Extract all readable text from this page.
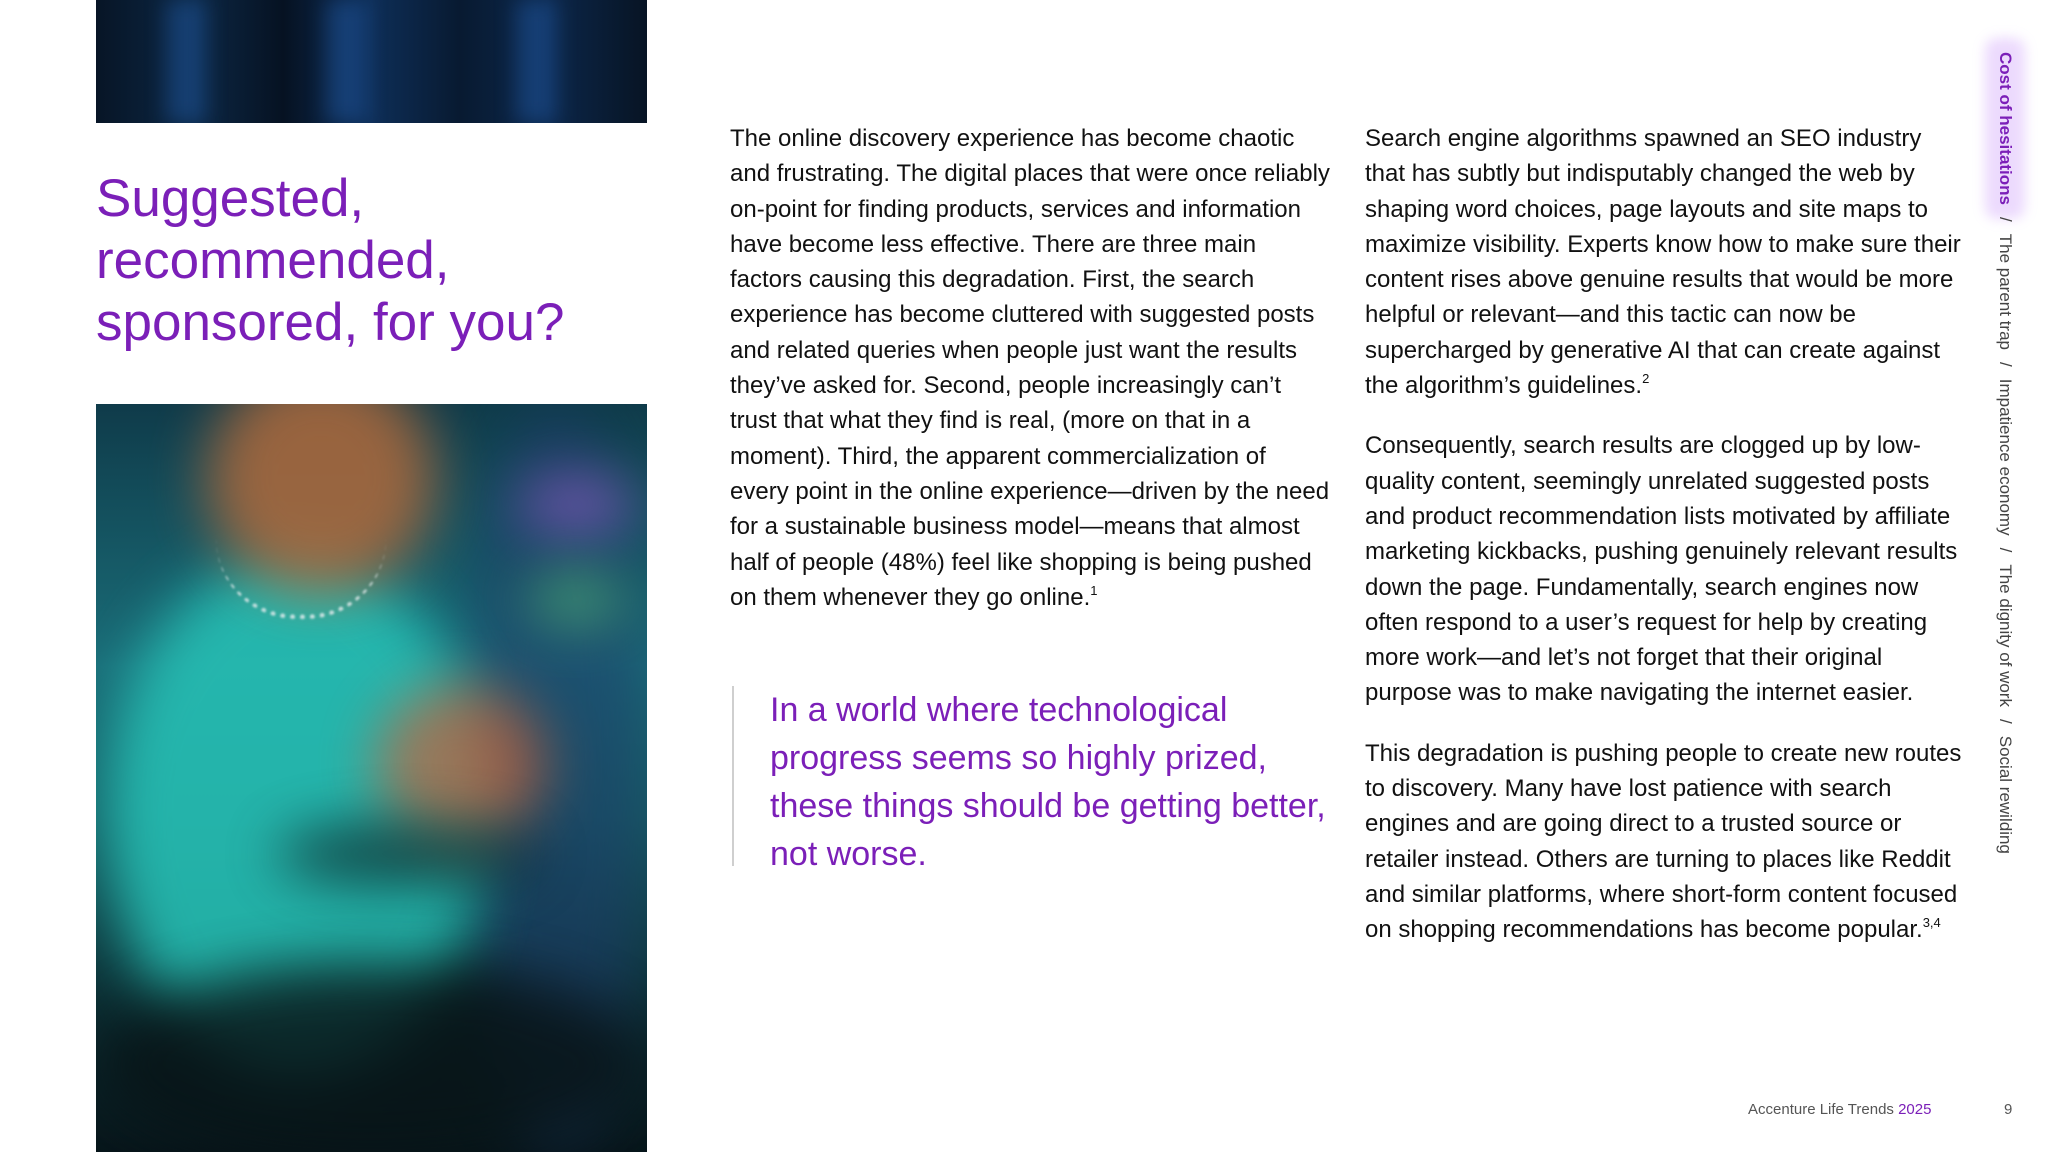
Suggested,
recommended,
sponsored, for you?

The online discovery experience has become chaotic and frustrating. The digital places that were once reliably on-point for finding products, services and information have become less effective. There are three main factors causing this degradation. First, the search experience has become cluttered with suggested posts and related queries when people just want the results they’ve asked for. Second, people increasingly can’t trust that what they find is real, (more on that in a moment). Third, the apparent commercialization of every point in the online experience—driven by the need for a sustainable business model—means that almost half of people (48%) feel like shopping is being pushed on them whenever they go online.$^1$

In a world where technological progress seems so highly prized, these things should be getting better, not worse.

Search engine algorithms spawned an SEO industry that has subtly but indisputably changed the web by shaping word choices, page layouts and site maps to maximize visibility. Experts know how to make sure their content rises above genuine results that would be more helpful or relevant—and this tactic can now be supercharged by generative AI that can create against the algorithm’s guidelines.$^2$

Consequently, search results are clogged up by low-quality content, seemingly unrelated suggested posts and product recommendation lists motivated by affiliate marketing kickbacks, pushing genuinely relevant results down the page. Fundamentally, search engines now often respond to a user’s request for help by creating more work—and let’s not forget that their original purpose was to make navigating the internet easier.

This degradation is pushing people to create new routes to discovery. Many have lost patience with search engines and are going direct to a trusted source or retailer instead. Others are turning to places like Reddit and similar platforms, where short-form content focused on shopping recommendations has become popular.$^{3,4}$

Cost of hesitations
/
The parent trap
/
Impatience economy
/
The dignity of work
/
Social rewilding
Accenture Life Trends 2025	9
